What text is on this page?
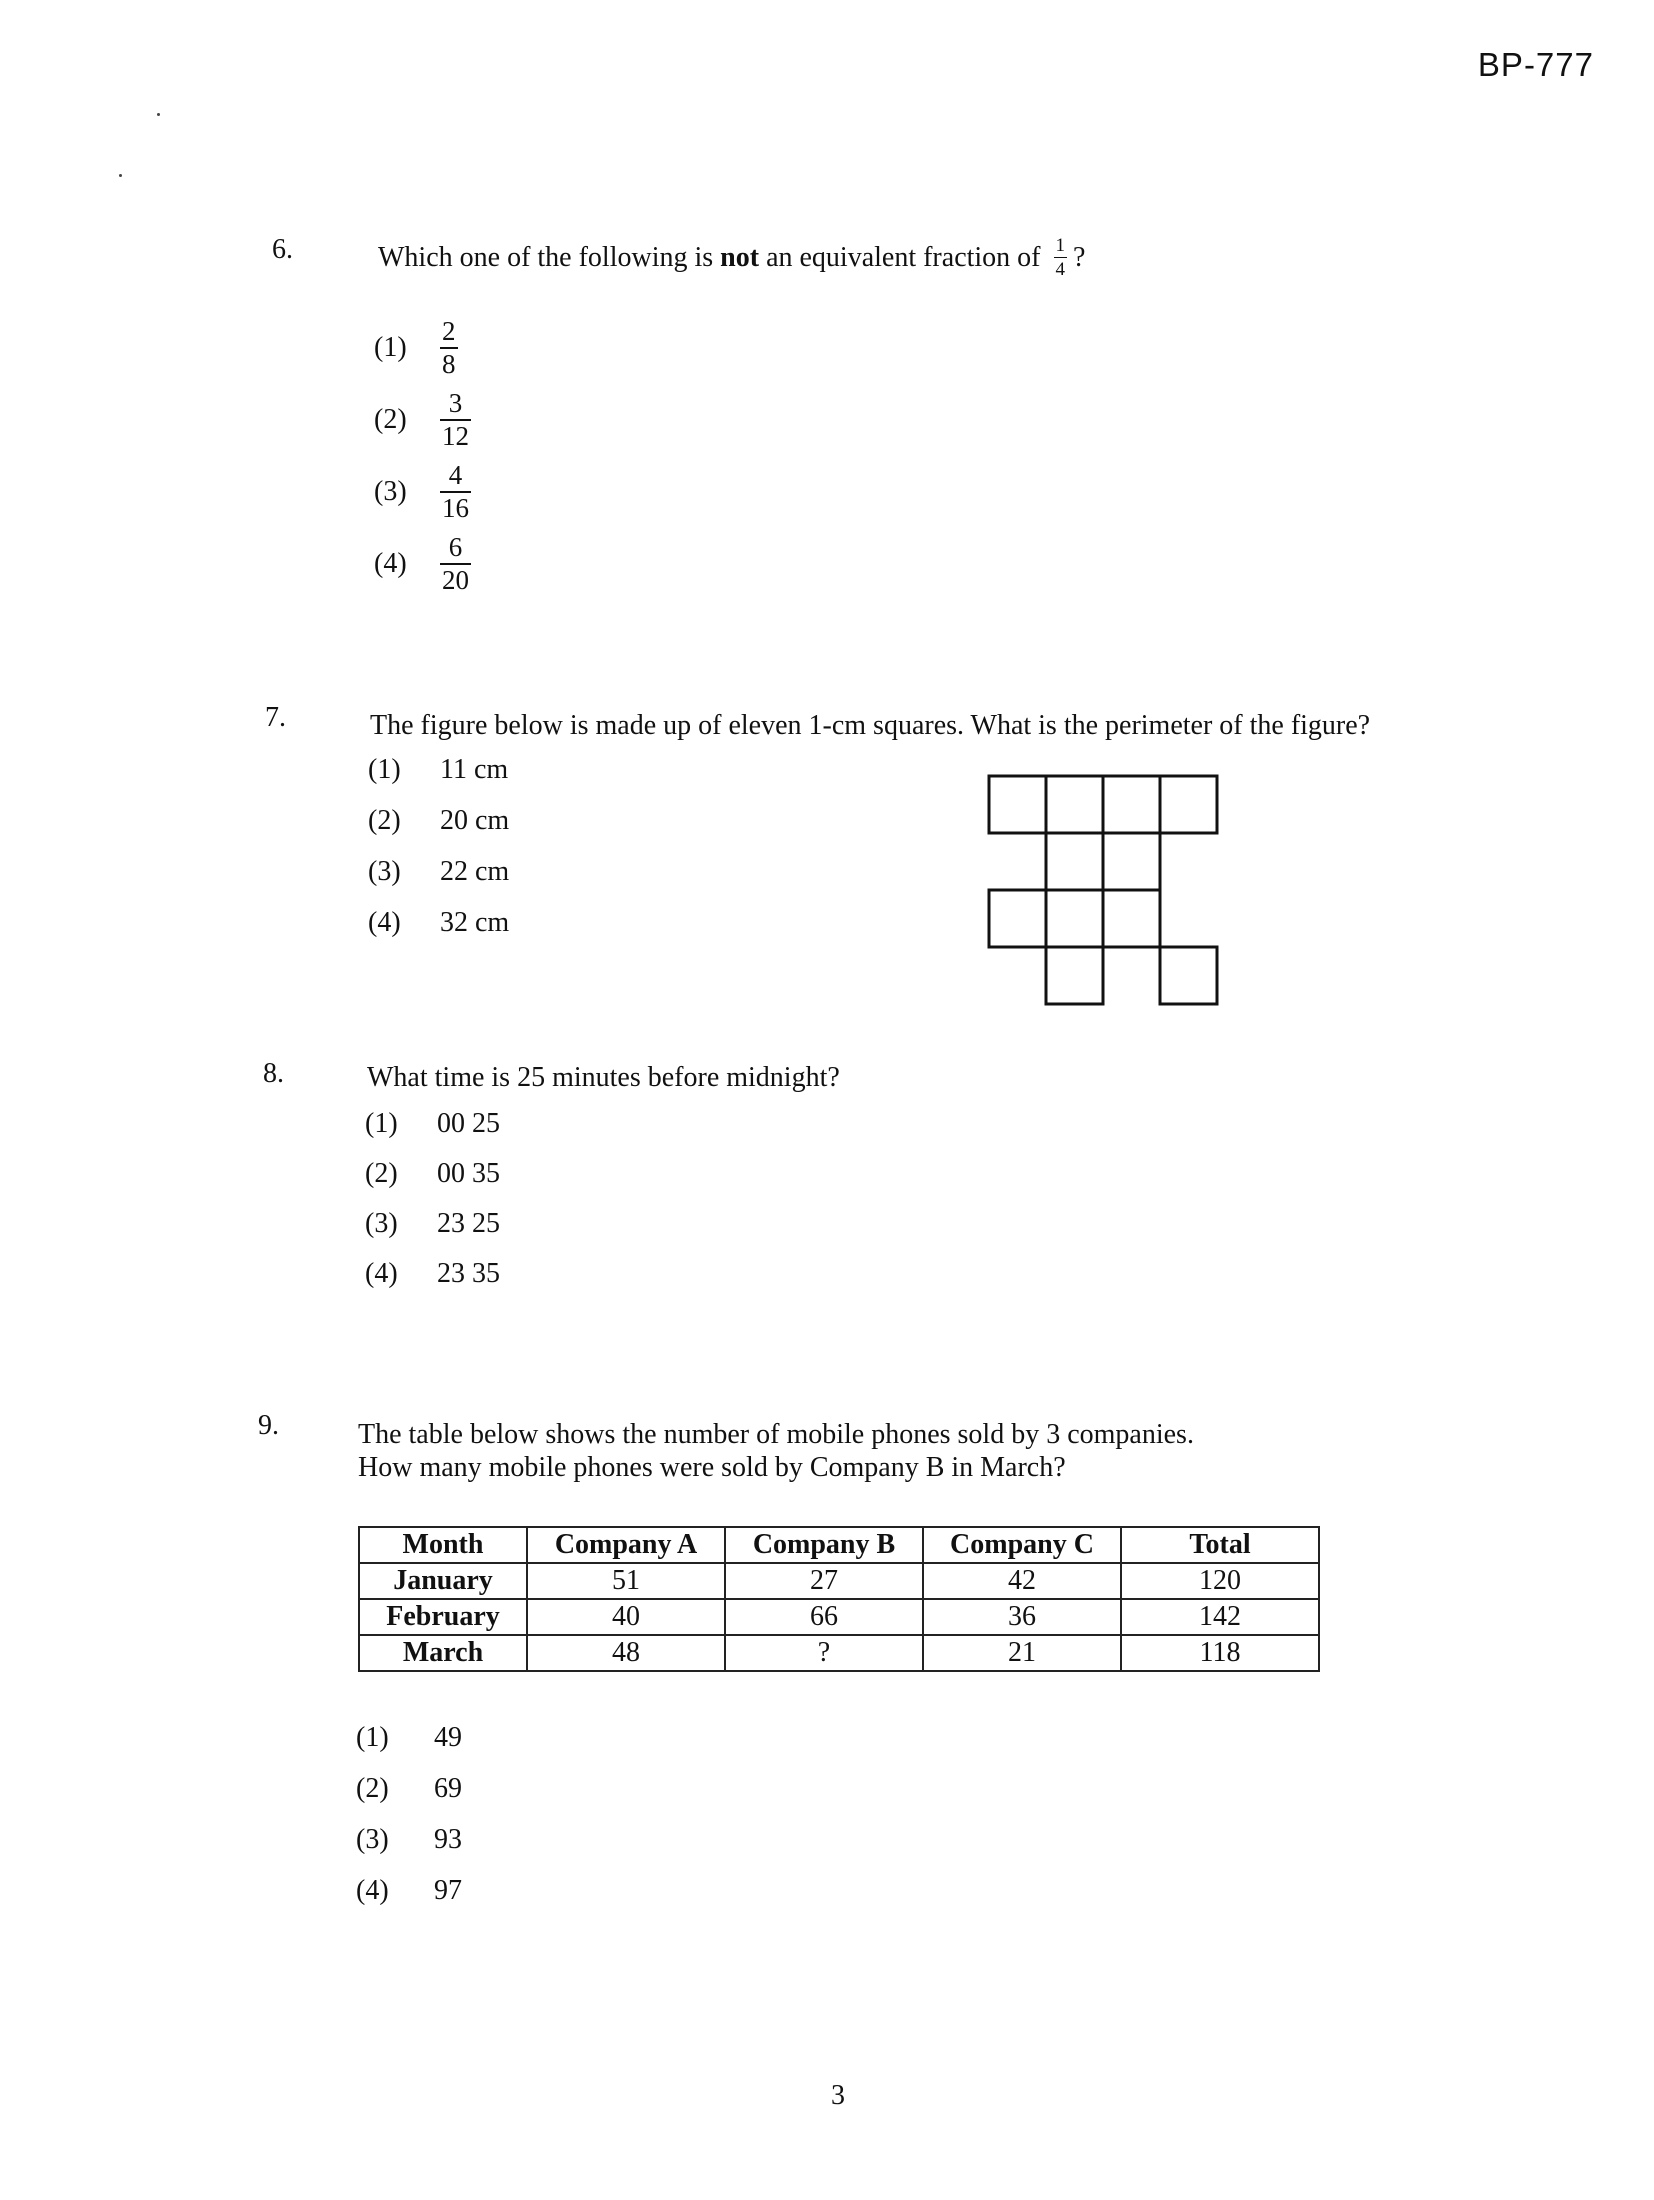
BP-777
6.	Which one of the following is not an equivalent fraction of $\frac{1}{4}$ ?
(1)	$\frac{2}{8}$
(2)	$\frac{3}{12}$
(3)	$\frac{4}{16}$
(4)	$\frac{6}{20}$
7.	The figure below is made up of eleven 1-cm squares. What is the perimeter of the figure?
(1) 11 cm
(2) 20 cm
(3) 22 cm
(4) 32 cm
8.	What time is 25 minutes before midnight?
(1) 00 25
(2) 00 35
(3) 23 25
(4) 23 35
9.	The table below shows the number of mobile phones sold by 3 companies.
How many mobile phones were sold by Company B in March?
Month	Company A	Company B	Company C	Total
January	51	27	42	120
February	40	66	36	142
March	48	?	21	118
(1) 49
(2) 69
(3) 93
(4) 97
3
